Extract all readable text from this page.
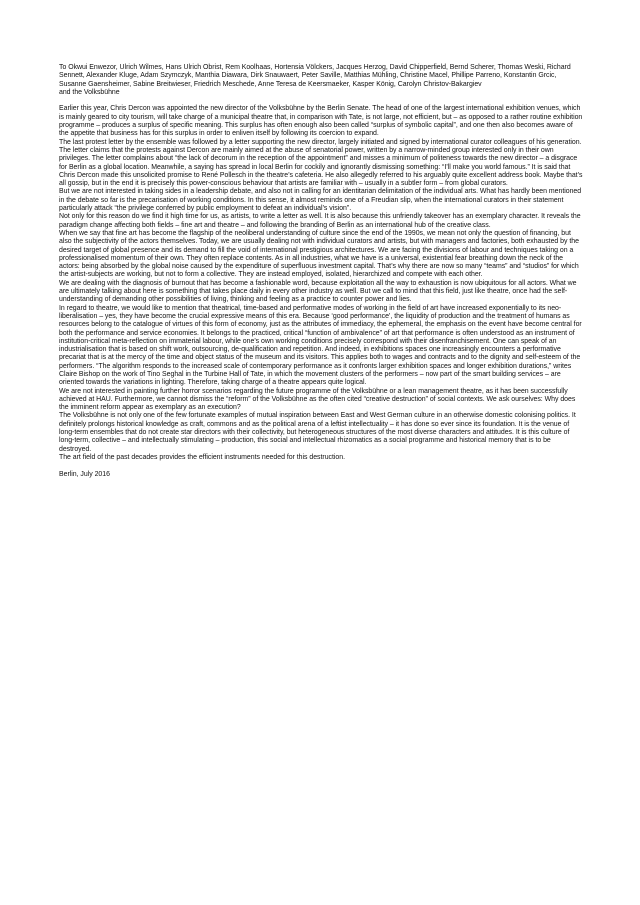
To Okwui Enwezor, Ulrich Wilmes, Hans Ulrich Obrist, Rem Koolhaas, Hortensia Völckers, Jacques Herzog, David Chipperfield, Bernd Scherer, Thomas Weski, Richard Sennett, Alexander Kluge, Adam Szymczyk, Manthia Diawara, Dirk Snauwaert, Peter Saville, Matthias Mühling, Christine Macel, Phillipe Parreno, Konstantin Grcic, Susanne Gaensheimer, Sabine Breitwieser, Friedrich Meschede, Anne Teresa de Keersmaeker, Kasper König, Carolyn Christov-Bakargiev

and the Volksbühne

Earlier this year, Chris Dercon was appointed the new director of the Volksbühne by the Berlin Senate. The head of one of the largest international exhibition venues, which is mainly geared to city tourism, will take charge of a municipal theatre that, in comparison with Tate, is not large, not efficient, but – as opposed to a rather routine exhibition programme – produces a surplus of specific meaning. This surplus has often enough also been called “surplus of symbolic capital”, and one then also becomes aware of the appetite that business has for this surplus in order to enliven itself by following its coercion to expand.

The last protest letter by the ensemble was followed by a letter supporting the new director, largely initiated and signed by international curator colleagues of his generation. The letter claims that the protests against Dercon are mainly aimed at the abuse of senatorial power, written by a narrow-minded group interested only in their own privileges. The letter complains about “the lack of decorum in the reception of the appointment” and misses a minimum of politeness towards the new director – a disgrace for Berlin as a global location. Meanwhile, a saying has spread in local Berlin for cockily and ignorantly dismissing something: “I’ll make you world famous.” It is said that Chris Dercon made this unsolicited promise to René Pollesch in the theatre’s cafeteria. He also allegedly referred to his arguably quite excellent address book. Maybe that’s all gossip, but in the end it is precisely this power-conscious behaviour that artists are familiar with – usually in a subtler form – from global curators.

But we are not interested in taking sides in a leadership debate, and also not in calling for an identitarian delimitation of the individual arts. What has hardly been mentioned in the debate so far is the precarisation of working conditions. In this sense, it almost reminds one of a Freudian slip, when the international curators in their statement particularly attack “the privilege conferred by public employment to defeat an individual’s vision”.

Not only for this reason do we find it high time for us, as artists, to write a letter as well. It is also because this unfriendly takeover has an exemplary character. It reveals the paradigm change affecting both fields – fine art and theatre – and following the branding of Berlin as an international hub of the creative class.

When we say that fine art has become the flagship of the neoliberal understanding of culture since the end of the 1990s, we mean not only the question of financing, but also the subjectivity of the actors themselves. Today, we are usually dealing not with individual curators and artists, but with managers and factories, both exhausted by the desired target of global presence and its demand to fill the void of international prestigious architectures. We are facing the divisions of labour and techniques taking on a professionalised momentum of their own. They often replace contents. As in all industries, what we have is a universal, existential fear breathing down the neck of the actors: being absorbed by the global noise caused by the expenditure of superfluous investment capital. That’s why there are now so many “teams” and “studios” for which the artist-subjects are working, but not to form a collective. They are instead employed, isolated, hierarchized and compete with each other.

We are dealing with the diagnosis of burnout that has become a fashionable word, because exploitation all the way to exhaustion is now ubiquitous for all actors. What we are ultimately talking about here is something that takes place daily in every other industry as well. But we call to mind that this field, just like theatre, once had the self-understanding of demanding other possibilities of living, thinking and feeling as a practice to counter power and lies.

In regard to theatre, we would like to mention that theatrical, time-based and performative modes of working in the field of art have increased exponentially to its neo-liberalisation – yes, they have become the crucial expressive means of this era. Because ‘good performance’, the liquidity of production and the treatment of humans as resources belong to the catalogue of virtues of this form of economy, just as the attributes of immediacy, the ephemeral, the emphasis on the event have become central for both the performance and service economies. It belongs to the practiced, critical “function of ambivalence” of art that performance is often understood as an instrument of institution-critical meta-reflection on immaterial labour, while one’s own working conditions precisely correspond with their disenfranchisement. One can speak of an industrialisation that is based on shift work, outsourcing, de-qualification and repetition. And indeed, in exhibitions spaces one increasingly encounters a performative precariat that is at the mercy of the time and object status of the museum and its visitors. This applies both to wages and contracts and to the dignity and self-esteem of the performers. “The algorithm responds to the increased scale of contemporary performance as it confronts larger exhibition spaces and longer exhibition durations,” writes Claire Bishop on the work of Tino Seghal in the Turbine Hall of Tate, in which the movement clusters of the performers – now part of the smart building services – are oriented towards the variations in lighting. Therefore, taking charge of a theatre appears quite logical.

We are not interested in painting further horror scenarios regarding the future programme of the Volksbühne or a lean management theatre, as it has been successfully achieved at HAU. Furthermore, we cannot dismiss the “reform” of the Volksbühne as the often cited “creative destruction” of social contexts. We ask ourselves: Why does the imminent reform appear as exemplary as an execution?

The Volksbühne is not only one of the few fortunate examples of mutual inspiration between East and West German culture in an otherwise domestic colonising politics. It definitely prolongs historical knowledge as craft, commons and as the political arena of a leftist intellectuality – it has done so ever since its foundation. It is the venue of long-term ensembles that do not create star directors with their collectivity, but heterogeneous structures of the most diverse characters and attitudes. It is this culture of long-term, collective – and intellectually stimulating – production, this social and intellectual rhizomatics as a social programme and historical memory that is to be destroyed.

The art field of the past decades provides the efficient instruments needed for this destruction.

Berlin, July 2016
